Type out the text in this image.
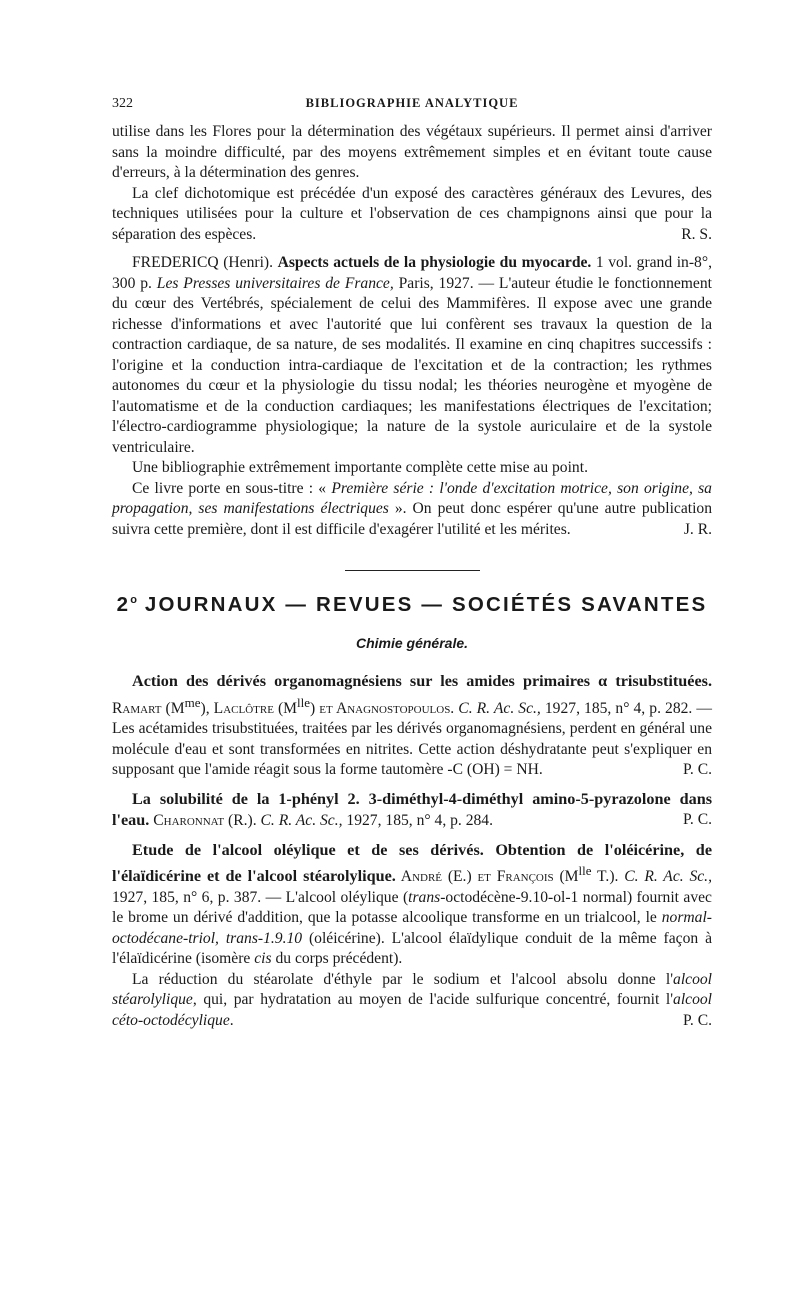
322	BIBLIOGRAPHIE ANALYTIQUE

utilise dans les Flores pour la détermination des végétaux supérieurs. Il permet ainsi d'arriver sans la moindre difficulté, par des moyens extrêmement simples et en évitant toute cause d'erreurs, à la détermination des genres.

La clef dichotomique est précédée d'un exposé des caractères généraux des Levures, des techniques utilisées pour la culture et l'observation de ces champignons ainsi que pour la séparation des espèces.	R. S.

FREDERICQ (Henri). Aspects actuels de la physiologie du myocarde. 1 vol. grand in-8°, 300 p. Les Presses universitaires de France, Paris, 1927. — L'auteur étudie le fonctionnement du cœur des Vertébrés, spécialement de celui des Mammifères. Il expose avec une grande richesse d'informations et avec l'autorité que lui confèrent ses travaux la question de la contraction cardiaque, de sa nature, de ses modalités. Il examine en cinq chapitres successifs : l'origine et la conduction intra-cardiaque de l'excitation et de la contraction; les rythmes autonomes du cœur et la physiologie du tissu nodal; les théories neurogène et myogène de l'automatisme et de la conduction cardiaques; les manifestations électriques de l'excitation; l'électro-cardiogramme physiologique; la nature de la systole auriculaire et de la systole ventriculaire.

Une bibliographie extrêmement importante complète cette mise au point.

Ce livre porte en sous-titre : « Première série : l'onde d'excitation motrice, son origine, sa propagation, ses manifestations électriques ». On peut donc espérer qu'une autre publication suivra cette première, dont il est difficile d'exagérer l'utilité et les mérites.	J. R.

2$^o$ JOURNAUX — REVUES — SOCIÉTÉS SAVANTES
Chimie générale.

Action des dérivés organomagnésiens sur les amides primaires α trisubstituées. Ramart $(M^{me})$, Laclôtre $(M^{lle})$ et Anagnostopoulos. C. R. Ac. Sc., 1927, 185, n° 4, p. 282. — Les acétamides trisubstituées, traitées par les dérivés organomagnésiens, perdent en général une molécule d'eau et sont transformées en nitrites. Cette action déshydratante peut s'expliquer en supposant que l'amide réagit sous la forme tautomère -C (OH) = NH.	P. C.

La solubilité de la 1-phényl 2. 3-diméthyl-4-diméthyl amino-5-pyrazolone dans l'eau. Charonnat (R.). C. R. Ac. Sc., 1927, 185, n° 4, p. 284.	P. C.

Etude de l'alcool oléylique et de ses dérivés. Obtention de l'oléicérine, de l'élaïdicérine et de l'alcool stéarolylique. André (E.) et François ($M^{lle}$ T.). C. R. Ac. Sc., 1927, 185, n° 6, p. 387. — L'alcool oléylique (trans-octodécène-9.10-ol-1 normal) fournit avec le brome un dérivé d'addition, que la potasse alcoolique transforme en un trialcool, le normal-octodécane-triol, trans-1.9.10 (oléicérine). L'alcool élaïdylique conduit de la même façon à l'élaïdicérine (isomère cis du corps précédent).

La réduction du stéarolate d'éthyle par le sodium et l'alcool absolu donne l'alcool stéarolylique, qui, par hydratation au moyen de l'acide sulfurique concentré, fournit l'alcool céto-octodécylique.	P. C.
